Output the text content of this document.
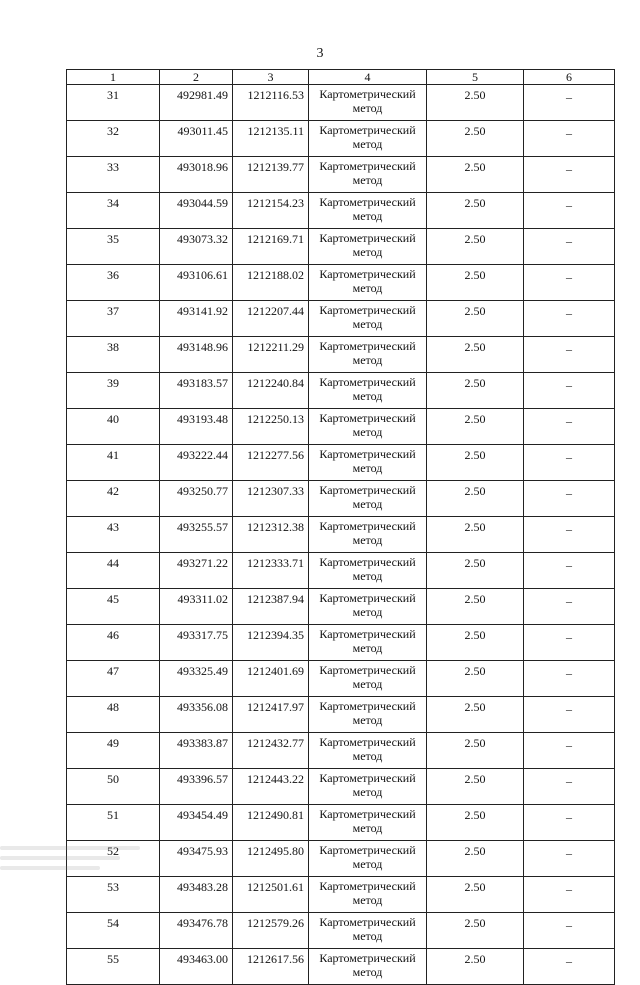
3
1	2	3	4	5	6
31	492981.49	1212116.53	Картометрический метод	2.50	–
32	493011.45	1212135.11	Картометрический метод	2.50	–
33	493018.96	1212139.77	Картометрический метод	2.50	–
34	493044.59	1212154.23	Картометрический метод	2.50	–
35	493073.32	1212169.71	Картометрический метод	2.50	–
36	493106.61	1212188.02	Картометрический метод	2.50	–
37	493141.92	1212207.44	Картометрический метод	2.50	–
38	493148.96	1212211.29	Картометрический метод	2.50	–
39	493183.57	1212240.84	Картометрический метод	2.50	–
40	493193.48	1212250.13	Картометрический метод	2.50	–
41	493222.44	1212277.56	Картометрический метод	2.50	–
42	493250.77	1212307.33	Картометрический метод	2.50	–
43	493255.57	1212312.38	Картометрический метод	2.50	–
44	493271.22	1212333.71	Картометрический метод	2.50	–
45	493311.02	1212387.94	Картометрический метод	2.50	–
46	493317.75	1212394.35	Картометрический метод	2.50	–
47	493325.49	1212401.69	Картометрический метод	2.50	–
48	493356.08	1212417.97	Картометрический метод	2.50	–
49	493383.87	1212432.77	Картометрический метод	2.50	–
50	493396.57	1212443.22	Картометрический метод	2.50	–
51	493454.49	1212490.81	Картометрический метод	2.50	–
52	493475.93	1212495.80	Картометрический метод	2.50	–
53	493483.28	1212501.61	Картометрический метод	2.50	–
54	493476.78	1212579.26	Картометрический метод	2.50	–
55	493463.00	1212617.56	Картометрический метод	2.50	–
